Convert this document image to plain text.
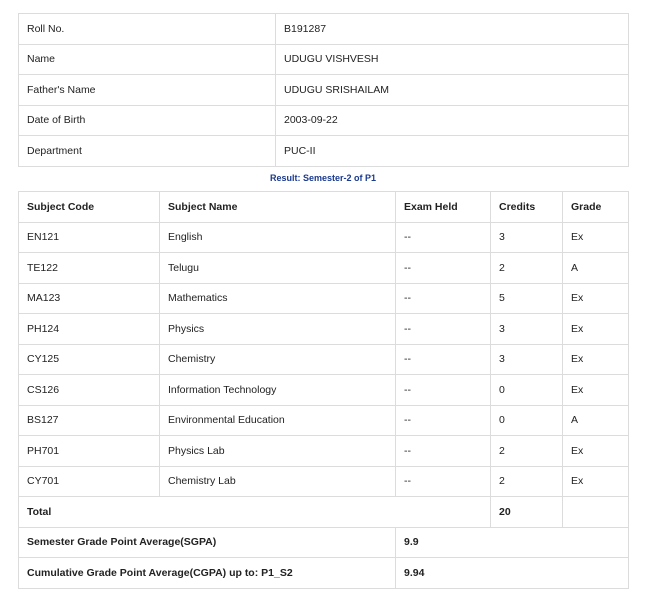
Roll No.	B191287
Name	UDUGU VISHVESH
Father's Name	UDUGU SRISHAILAM
Date of Birth	2003-09-22
Department	PUC-II
Result: Semester-2 of P1
Subject Code	Subject Name	Exam Held	Credits	Grade
EN121	English	--	3	Ex
TE122	Telugu	--	2	A
MA123	Mathematics	--	5	Ex
PH124	Physics	--	3	Ex
CY125	Chemistry	--	3	Ex
CS126	Information Technology	--	0	Ex
BS127	Environmental Education	--	0	A
PH701	Physics Lab	--	2	Ex
CY701	Chemistry Lab	--	2	Ex
Total			20	
Semester Grade Point Average(SGPA)		9.9		
Cumulative Grade Point Average(CGPA) up to: P1_S2		9.94		
